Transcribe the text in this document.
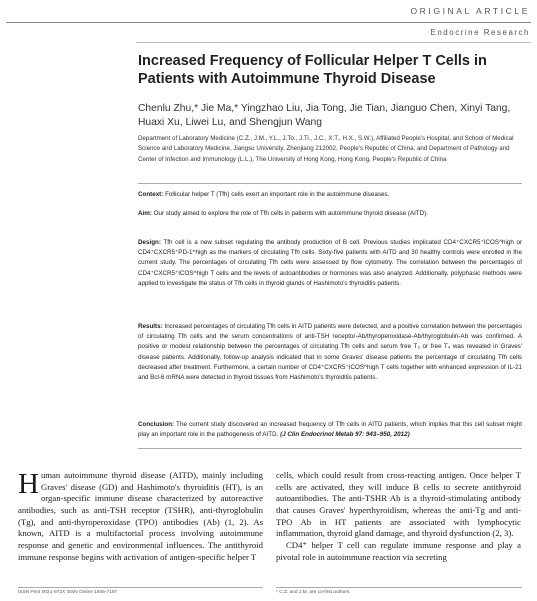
ORIGINAL ARTICLE
Endocrine Research
Increased Frequency of Follicular Helper T Cells in Patients with Autoimmune Thyroid Disease

Chenlu Zhu,* Jie Ma,* Yingzhao Liu, Jia Tong, Jie Tian, Jianguo Chen, Xinyi Tang, Huaxi Xu, Liwei Lu, and Shengjun Wang

Department of Laboratory Medicine (C.Z., J.M., Y.L., J.To., J.Ti., J.C., X.T., H.X., S.W.), Affiliated People's Hospital, and School of Medical Science and Laboratory Medicine, Jiangsu University, Zhenjiang 212002, People's Republic of China; and Department of Pathology and Center of Infection and Immunology (L.L.), The University of Hong Kong, Hong Kong, People's Republic of China

Context: Follicular helper T (Tfh) cells exert an important role in the autoimmune diseases.

Aim: Our study aimed to explore the role of Tfh cells in patients with autoimmune thyroid disease (AITD).

Design: Tfh cell is a new subset regulating the antibody production of B cell. Previous studies implicated CD4⁺CXCR5⁺ICOS^high or CD4⁺CXCR5⁺PD-1^high as the markers of circulating Tfh cells. Sixty-five patients with AITD and 30 healthy controls were enrolled in the current study. The percentages of circulating Tfh cells were assessed by flow cytometry. The correlation between the percentages of CD4⁺CXCR5⁺ICOS^high T cells and the levels of autoantibodies or hormones was also analyzed. Additionally, polyphasic methods were applied to investigate the status of Tfh cells in thyroid glands of Hashimoto's thyroiditis patients.

Results: Increased percentages of circulating Tfh cells in AITD patients were detected, and a positive correlation between the percentages of circulating Tfh cells and the serum concentrations of anti-TSH receptor-Ab/thyroperoxidase-Ab/thyroglobulin-Ab was confirmed. A positive or modest relationship between the percentages of circulating Tfh cells and serum free T₃ or free T₄ was revealed in Graves' disease patients. Additionally, follow-up analysis indicated that in some Graves' disease patients the percentage of circulating Tfh cells decreased after treatment. Furthermore, a certain number of CD4⁺CXCR5⁺ICOS^high T cells together with enhanced expression of IL-21 and Bcl-6 mRNA were detected in thyroid tissues from Hashimoto's thyroiditis patients.

Conclusion: The current study discovered an increased frequency of Tfh cells in AITD patients, which implies that this cell subset might play an important role in the pathogenesis of AITD. (J Clin Endocrinol Metab 97: 943–950, 2012)

Human autoimmune thyroid disease (AITD), mainly including Graves' disease (GD) and Hashimoto's thyroiditis (HT), is an organ-specific immune disease characterized by autoreactive antibodies, such as anti-TSH receptor (TSHR), anti-thyroglobulin (Tg), and anti-thyroperoxidase (TPO) antibodies (Ab) (1, 2). As known, AITD is a multifactorial process involving autoimmune response and genetic and environmental influences. The antithyroid immune response begins with activation of antigen-specific helper T
cells, which could result from cross-reacting antigen. Once helper T cells are activated, they will induce B cells to secrete antithyroid autoantibodies. The anti-TSHR Ab is a thyroid-stimulating antibody that causes Graves' hyperthyroidism, whereas the anti-Tg and anti-TPO Ab in HT patients are associated with lymphocytic inflammation, thyroid gland damage, and thyroid dysfunction (2, 3).
CD4⁺ helper T cell can regulate immune response and play a pivotal role in autoimmune reaction via secreting
ISSN Print 0021-972X ISSN Online 1945-7197	* C.Z. and J.M. are co-first authors.
